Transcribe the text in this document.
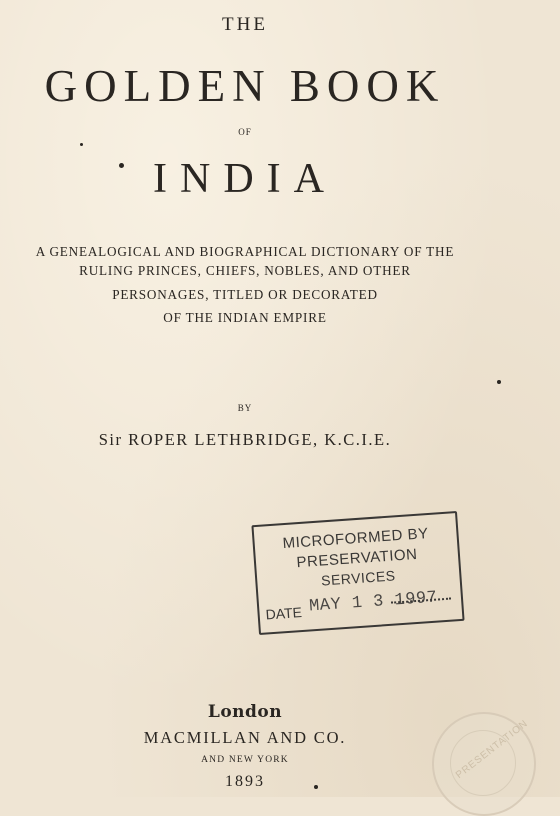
THE
GOLDEN BOOK
OF
INDIA
A GENEALOGICAL AND BIOGRAPHICAL DICTIONARY OF THE
RULING PRINCES, CHIEFS, NOBLES, AND OTHER
PERSONAGES, TITLED OR DECORATED
OF THE INDIAN EMPIRE
BY
Sir ROPER LETHBRIDGE, K.C.I.E.
MICROFORMED BY
PRESERVATION
SERVICES
DATE MAY 1 3 1997
London
MACMILLAN AND CO.
AND NEW YORK
1893
PRESENTATION
